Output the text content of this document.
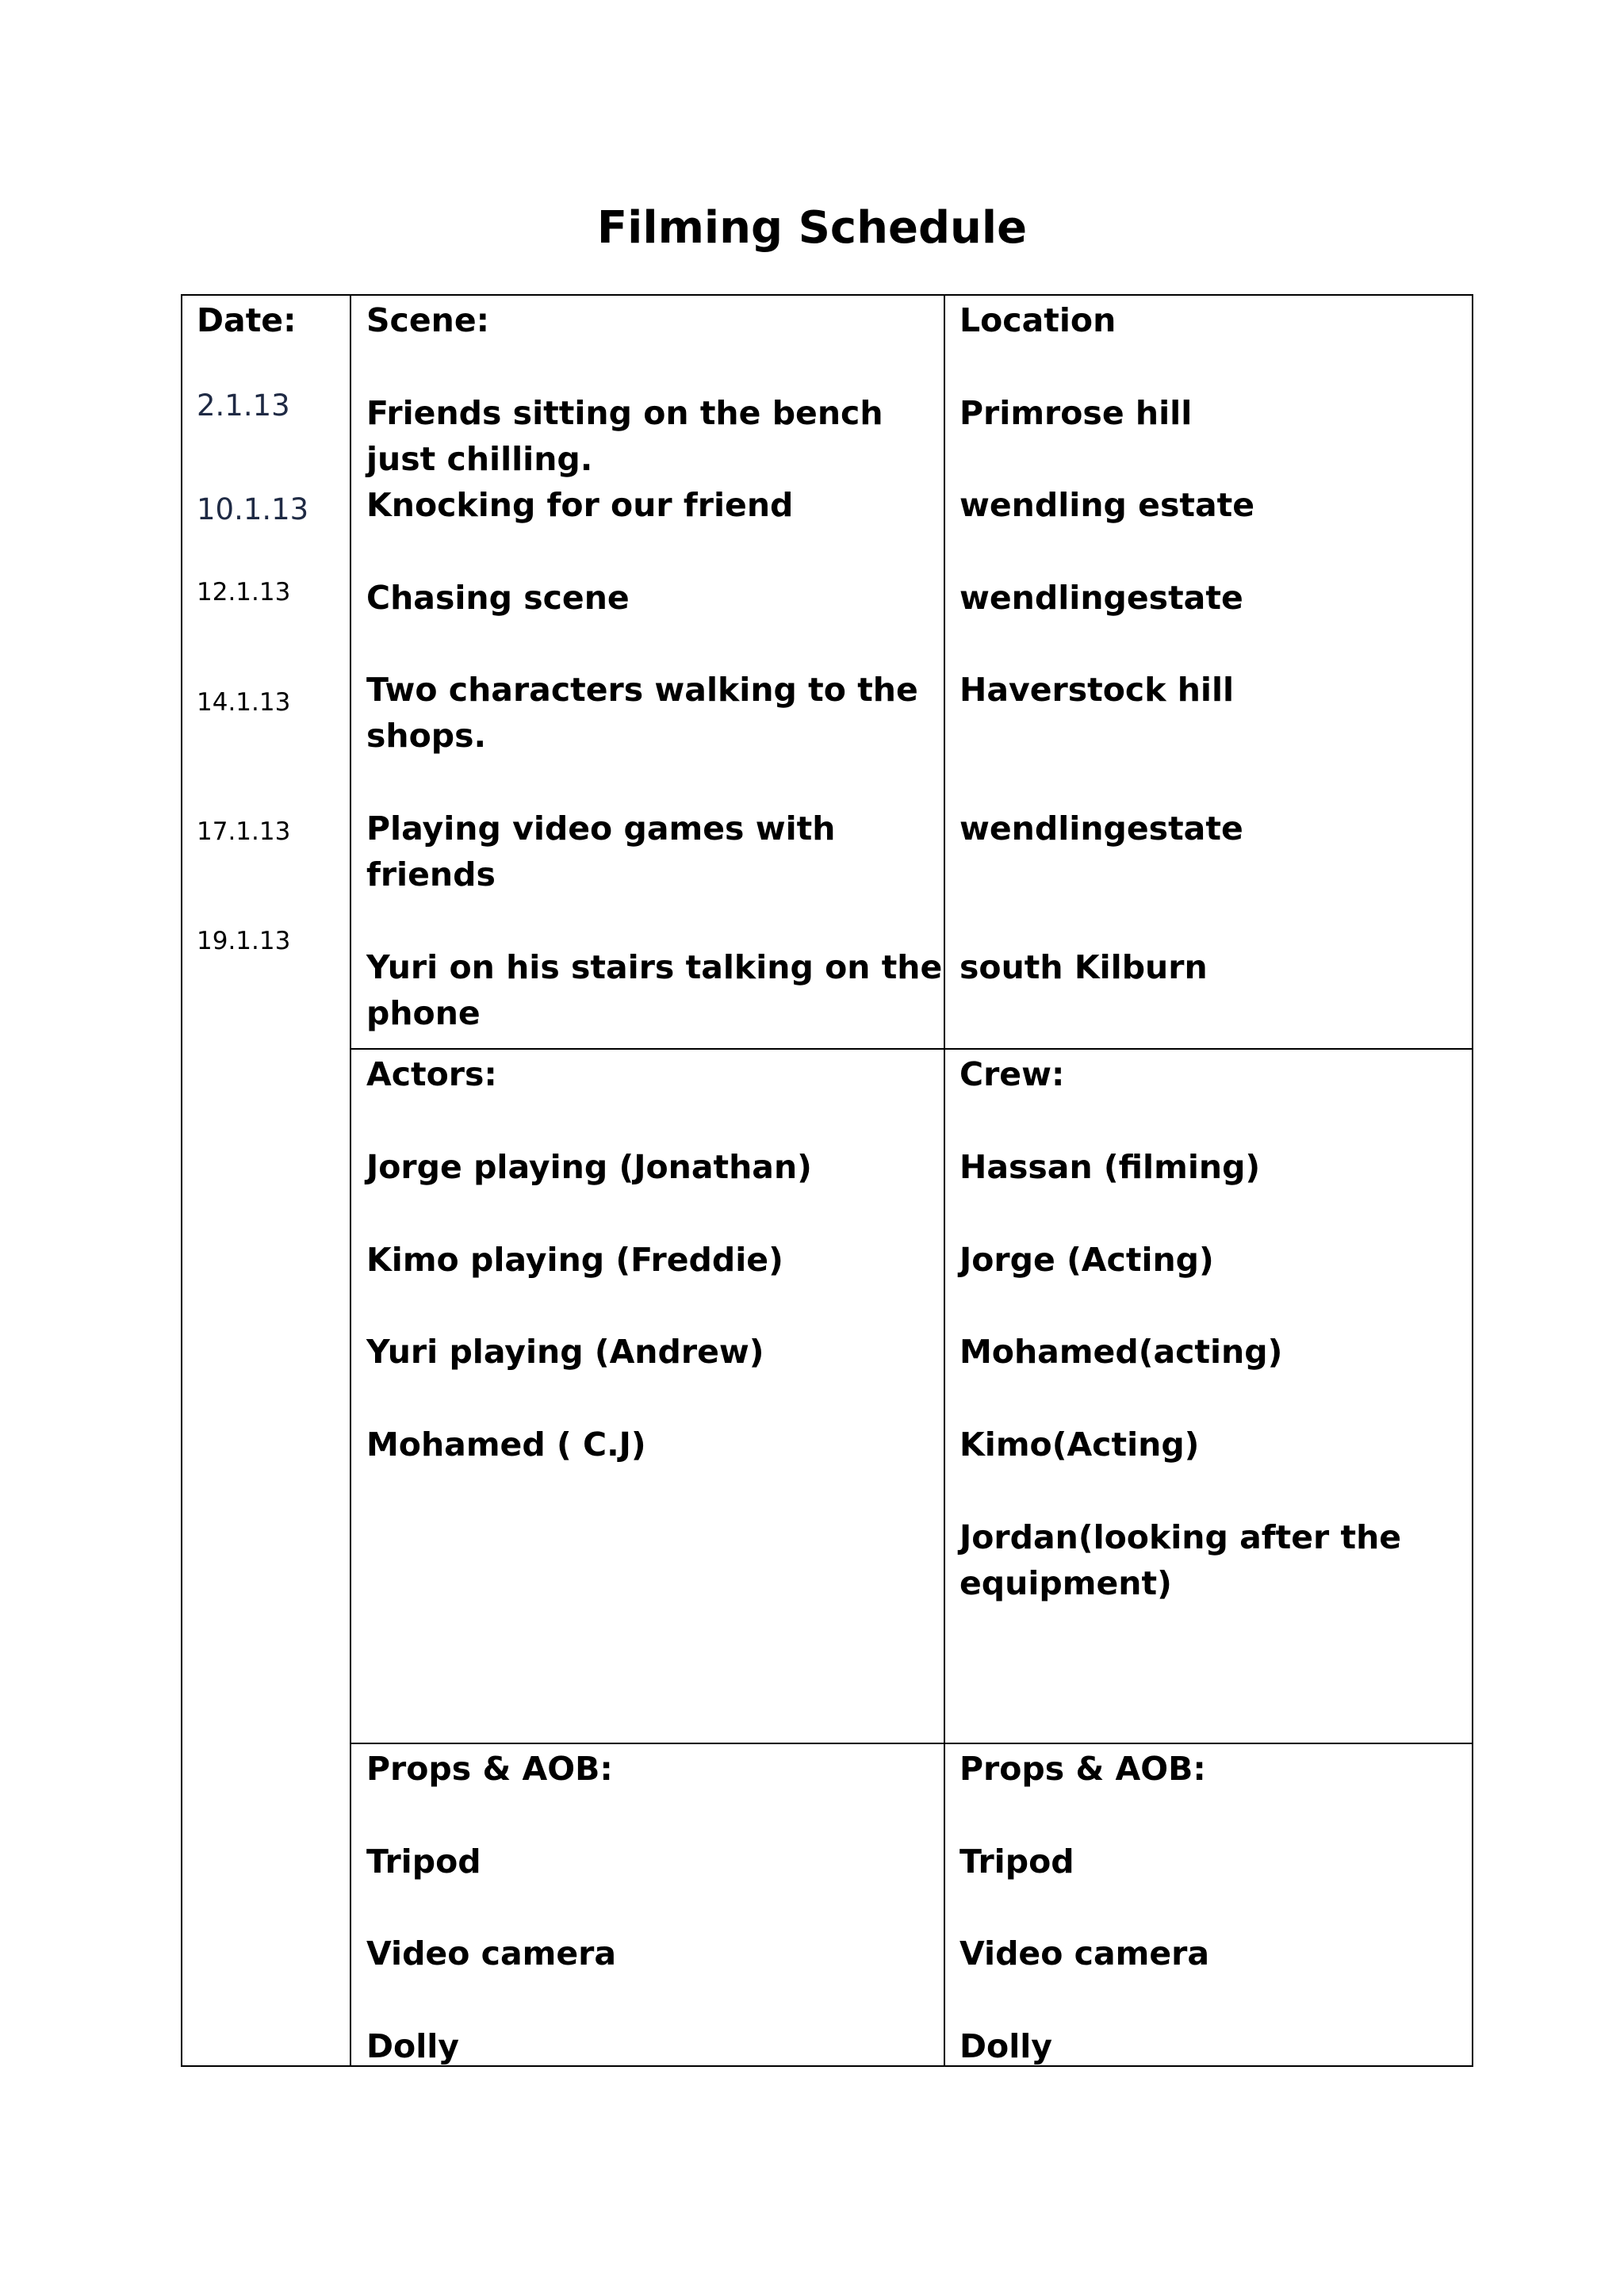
Filming Schedule
Date:
2.1.13
10.1.13
12.1.13
14.1.13
17.1.13
19.1.13
Scene:
Friends sitting on the bench
just chilling.
Knocking for our friend
Chasing scene
Two characters walking to the
shops.
Playing video games with
friends
Yuri on his stairs talking on the
phone
Location
Primrose hill
wendling estate
wendlingestate
Haverstock hill
wendlingestate
south Kilburn
Actors:
Jorge playing (Jonathan)
Kimo playing (Freddie)
Yuri playing (Andrew)
Mohamed ( C.J)
Crew:
Hassan (filming)
Jorge (Acting)
Mohamed(acting)
Kimo(Acting)
Jordan(looking after the
equipment)
Props & AOB:
Tripod
Video camera
Dolly
Props & AOB:
Tripod
Video camera
Dolly
